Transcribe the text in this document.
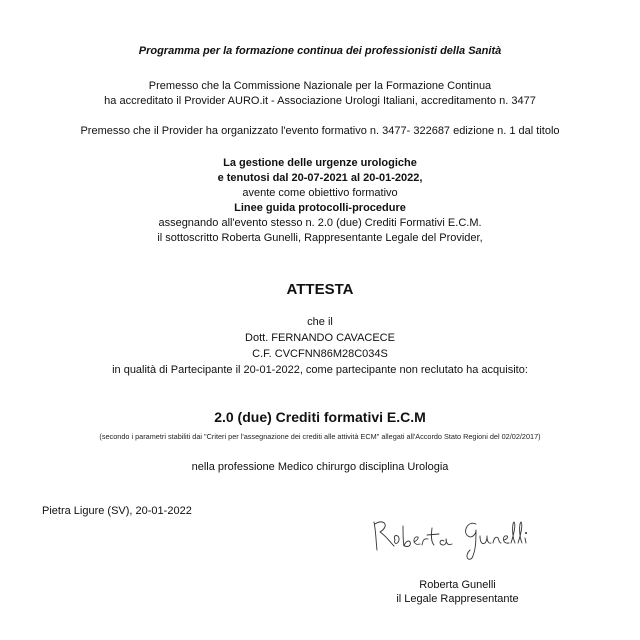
Programma per la formazione continua dei professionisti della Sanità
Premesso che la Commissione Nazionale per la Formazione Continua
ha accreditato il Provider AURO.it - Associazione Urologi Italiani, accreditamento n. 3477
Premesso che il Provider ha organizzato l'evento formativo n. 3477- 322687 edizione n. 1 dal titolo
La gestione delle urgenze urologiche
e tenutosi dal 20-07-2021 al 20-01-2022,
avente come obiettivo formativo
Linee guida protocolli-procedure
assegnando all'evento stesso n. 2.0 (due) Crediti Formativi E.C.M.
il sottoscritto Roberta Gunelli, Rappresentante Legale del Provider,
ATTESTA
che il
Dott. FERNANDO CAVACECE
C.F. CVCFNN86M28C034S
in qualità di Partecipante il 20-01-2022, come partecipante non reclutato ha acquisito:
2.0 (due) Crediti formativi E.C.M
(secondo i parametri stabiliti dai "Criteri per l'assegnazione dei crediti alle attività ECM" allegati all'Accordo Stato Regioni del 02/02/2017)
nella professione Medico chirurgo disciplina Urologia
Pietra Ligure (SV), 20-01-2022
Roberta Gunelli
il Legale Rappresentante
